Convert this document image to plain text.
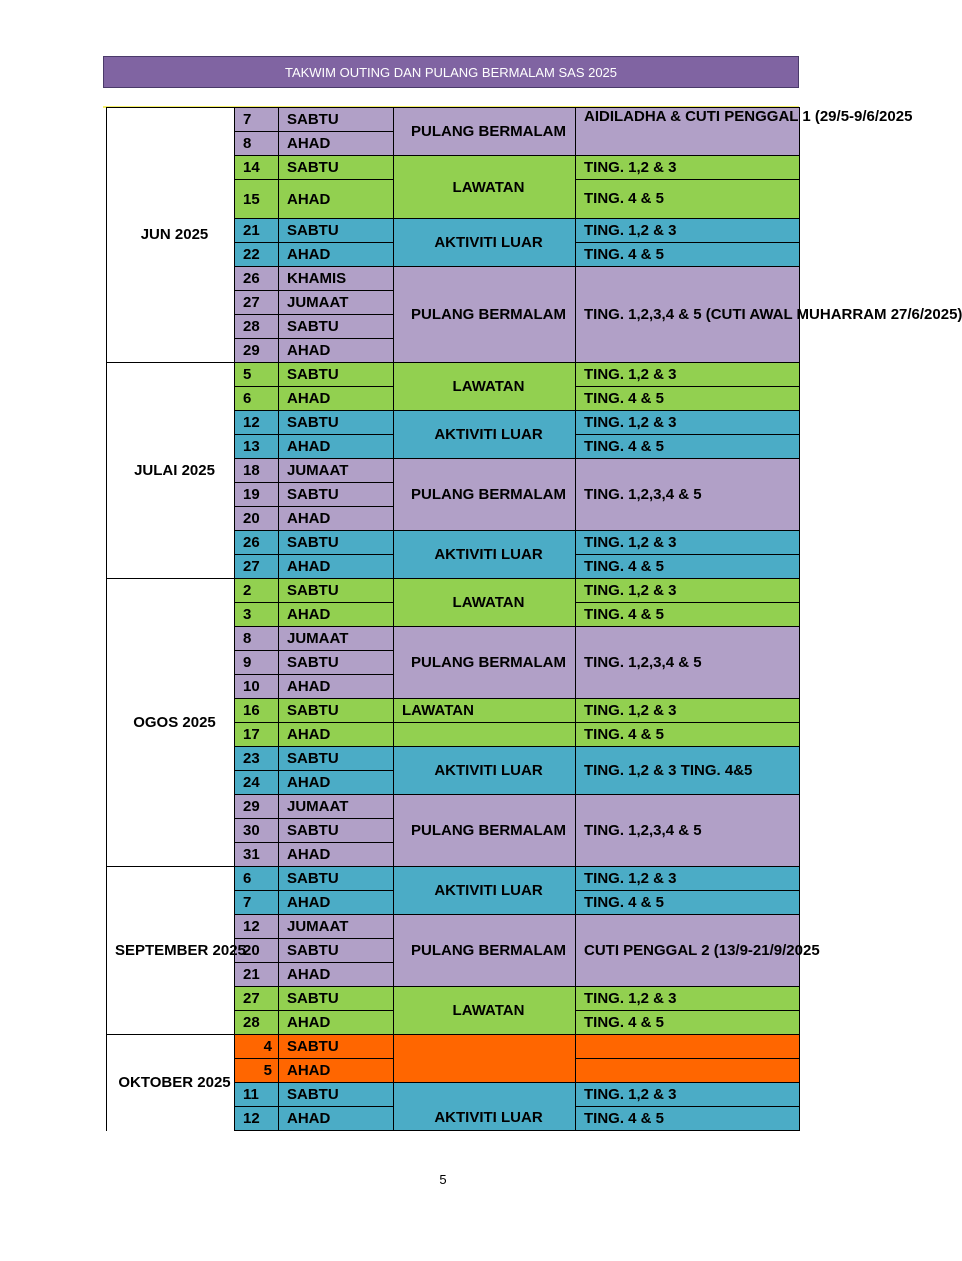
TAKWIM OUTING DAN PULANG BERMALAM SAS 2025
JUN 2025	7	SABTU	PULANG BERMALAM	AIDILADHA & CUTI PENGGAL 1 (29/5-9/6/2025
	8	AHAD		
	14	SABTU	LAWATAN	TING. 1,2 & 3
	15	AHAD		TING. 4 & 5
	21	SABTU	AKTIVITI LUAR	TING. 1,2 & 3
	22	AHAD		TING. 4 & 5
	26	KHAMIS	PULANG BERMALAM	TING. 1,2,3,4 & 5 (CUTI AWAL MUHARRAM 27/6/2025)
	27	JUMAAT		
	28	SABTU		
	29	AHAD		
JULAI 2025	5	SABTU	LAWATAN	TING. 1,2 & 3
	6	AHAD		TING. 4 & 5
	12	SABTU	AKTIVITI LUAR	TING. 1,2 & 3
	13	AHAD		TING. 4 & 5
	18	JUMAAT	PULANG BERMALAM	TING. 1,2,3,4 & 5
	19	SABTU		
	20	AHAD		
	26	SABTU	AKTIVITI LUAR	TING. 1,2 & 3
	27	AHAD		TING. 4 & 5
OGOS 2025	2	SABTU	LAWATAN	TING. 1,2 & 3
	3	AHAD		TING. 4 & 5
	8	JUMAAT	PULANG BERMALAM	TING. 1,2,3,4 & 5
	9	SABTU		
	10	AHAD		
	16	SABTU	LAWATAN	TING. 1,2 & 3
	17	AHAD		TING. 4 & 5
	23	SABTU	AKTIVITI LUAR	TING. 1,2 & 3 TING. 4&5
	24	AHAD		
	29	JUMAAT	PULANG BERMALAM	TING. 1,2,3,4 & 5
	30	SABTU		
	31	AHAD		
SEPTEMBER 2025	6	SABTU	AKTIVITI LUAR	TING. 1,2 & 3
	7	AHAD		TING. 4 & 5
	12	JUMAAT	PULANG BERMALAM	CUTI PENGGAL 2 (13/9-21/9/2025
	20	SABTU		
	21	AHAD		
	27	SABTU	LAWATAN	TING. 1,2 & 3
	28	AHAD		TING. 4 & 5
OKTOBER 2025	4	SABTU		
	5	AHAD		
	11	SABTU	AKTIVITI LUAR	TING. 1,2 & 3
	12	AHAD		TING. 4 & 5
5
